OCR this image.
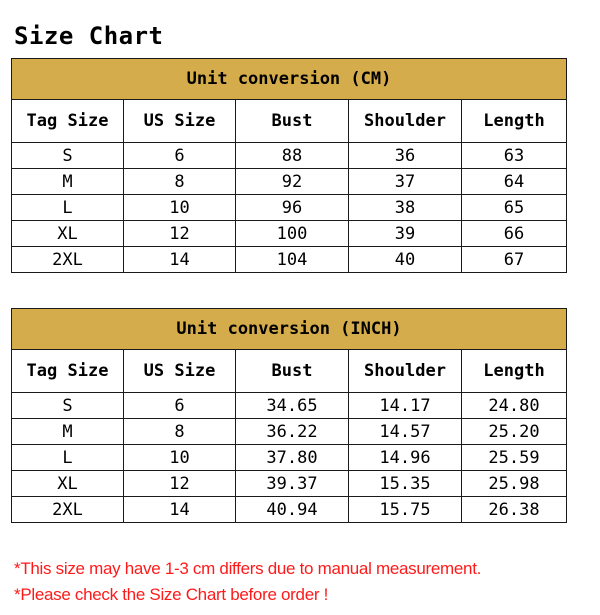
Size Chart
Unit conversion (CM)				
Tag Size	US Size	Bust	Shoulder	Length
S	6	88	36	63
M	8	92	37	64
L	10	96	38	65
XL	12	100	39	66
2XL	14	104	40	67
Unit conversion (INCH)				
Tag Size	US Size	Bust	Shoulder	Length
S	6	34.65	14.17	24.80
M	8	36.22	14.57	25.20
L	10	37.80	14.96	25.59
XL	12	39.37	15.35	25.98
2XL	14	40.94	15.75	26.38
*This size may have 1-3 cm differs due to manual measurement.
*Please check the Size Chart before order !
